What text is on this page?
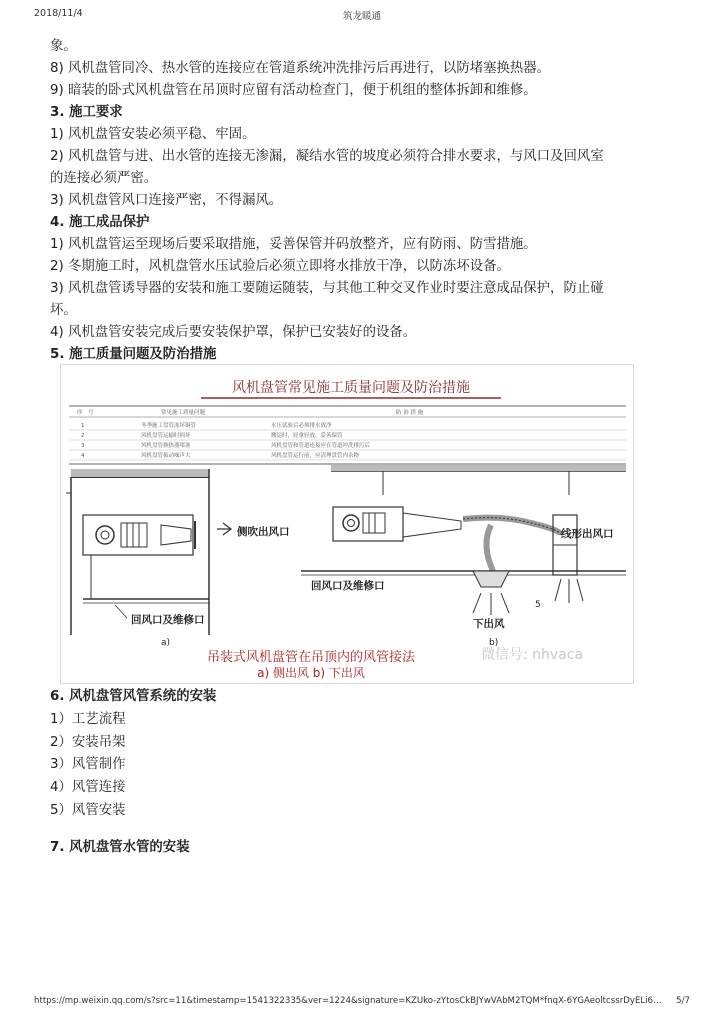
2018/11/4	筑龙暖通
象。
8) 风机盘管同冷、热水管的连接应在管道系统冲洗排污后再进行，以防堵塞换热器。
9) 暗装的卧式风机盘管在吊顶时应留有活动检查门，便于机组的整体拆卸和维修。
3. 施工要求
1) 风机盘管安装必须平稳、牢固。
2) 风机盘管与进、出水管的连接无渗漏，凝结水管的坡度必须符合排水要求，与风口及回风室
的连接必须严密。
3) 风机盘管风口连接严密，不得漏风。
4. 施工成品保护
1) 风机盘管运至现场后要采取措施，妥善保管并码放整齐，应有防雨、防雪措施。
2) 冬期施工时，风机盘管水压试验后必须立即将水排放干净，以防冻坏设备。
3) 风机盘管诱导器的安装和施工要随运随装，与其他工种交叉作业时要注意成品保护，防止碰
坏。
4) 风机盘管安装完成后要安装保护罩，保护已安装好的设备。
5. 施工质量问题及防治措施
风机盘管常见施工质量问题及防治措施
序　号	常见施工质量问题	防 治 措 施
1	冬季施工盘管冻坏铜管	水压试验后必须排水放净
2	风机盘管运输时损坏	搬运时，轻拿轻放，妥善保管
3	风机盘管换热器堵塞	风机盘管和管道连接应在管道冲洗排污后
4	风机盘管振动噪声大	风机盘管运行前，应清理盘管内杂物
侧吹出风口
回风口及维修口
a)
线形出风口
回风口及维修口
下出风
5
b)
吊装式风机盘管在吊顶内的风管接法
a) 侧出风 b) 下出风
微信号: nhvaca
6. 风机盘管风管系统的安装
1）工艺流程
2）安装吊架
3）风管制作
4）风管连接
5）风管安装
7. 风机盘管水管的安装
https://mp.weixin.qq.com/s?src=11&timestamp=1541322335&ver=1224&signature=KZUko-zYtosCkBJYwVAbM2TQM*fnqX-6YGAeoltcssrDyELi6… 5/7
